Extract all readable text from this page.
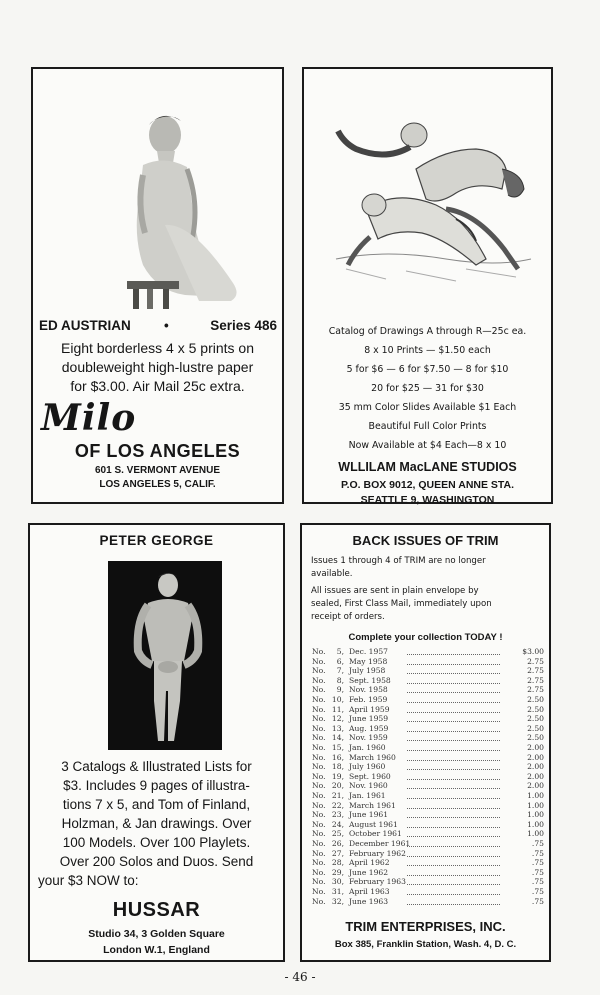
ED AUSTRIAN •	Series 486
Eight borderless 4 x 5 prints on
doubleweight high-lustre paper
for $3.00. Air Mail 25c extra.
Milo
OF LOS ANGELES
601 S. VERMONT AVENUE
LOS ANGELES 5, CALIF.
Catalog of Drawings A through R—25c ea.
8 x 10 Prints — $1.50 each
5 for $6 — 6 for $7.50 — 8 for $10
20 for $25 — 31 for $30
35 mm Color Slides Available $1 Each
Beautiful Full Color Prints
Now Available at $4 Each—8 x 10
WLLILAM MacLANE STUDIOS
P.O. BOX 9012, QUEEN ANNE STA.
SEATTLE 9, WASHINGTON
PETER GEORGE
3 Catalogs & Illustrated Lists for
$3. Includes 9 pages of illustra-
tions 7 x 5, and Tom of Finland,
Holzman, & Jan drawings. Over
100 Models. Over 100 Playlets.
Over 200 Solos and Duos. Send
your $3 NOW to:
HUSSAR
Studio 34, 3 Golden Square
London W.1, England
BACK ISSUES OF TRIM
Issues 1 through 4 of TRIM are no longer
available.
All issues are sent in plain envelope by
sealed, First Class Mail, immediately upon
receipt of orders.
Complete your collection TODAY !
No.	5, Dec. 1957	$3.00
No.	6, May 1958	2.75
No.	7, July 1958	2.75
No.	8, Sept. 1958	2.75
No.	9, Nov. 1958	2.75
No. 10, Feb. 1959	2.50
No. 11, April 1959	2.50
No. 12, June 1959	2.50
No. 13, Aug. 1959	2.50
No. 14, Nov. 1959	2.50
No. 15, Jan. 1960	2.00
No. 16, March 1960	2.00
No. 18, July 1960	2.00
No. 19, Sept. 1960	2.00
No. 20, Nov. 1960	2.00
No. 21, Jan. 1961	1.00
No. 22, March 1961	1.00
No. 23, June 1961	1.00
No. 24, August 1961	1.00
No. 25, October 1961	1.00
No. 26, December 1961	.75
No. 27, February 1962	.75
No. 28, April 1962	.75
No. 29, June 1962	.75
No. 30, February 1963	.75
No. 31, April 1963	.75
No. 32, June 1963	.75
TRIM ENTERPRISES, INC.
Box 385, Franklin Station, Wash. 4, D. C.
- 46 -
